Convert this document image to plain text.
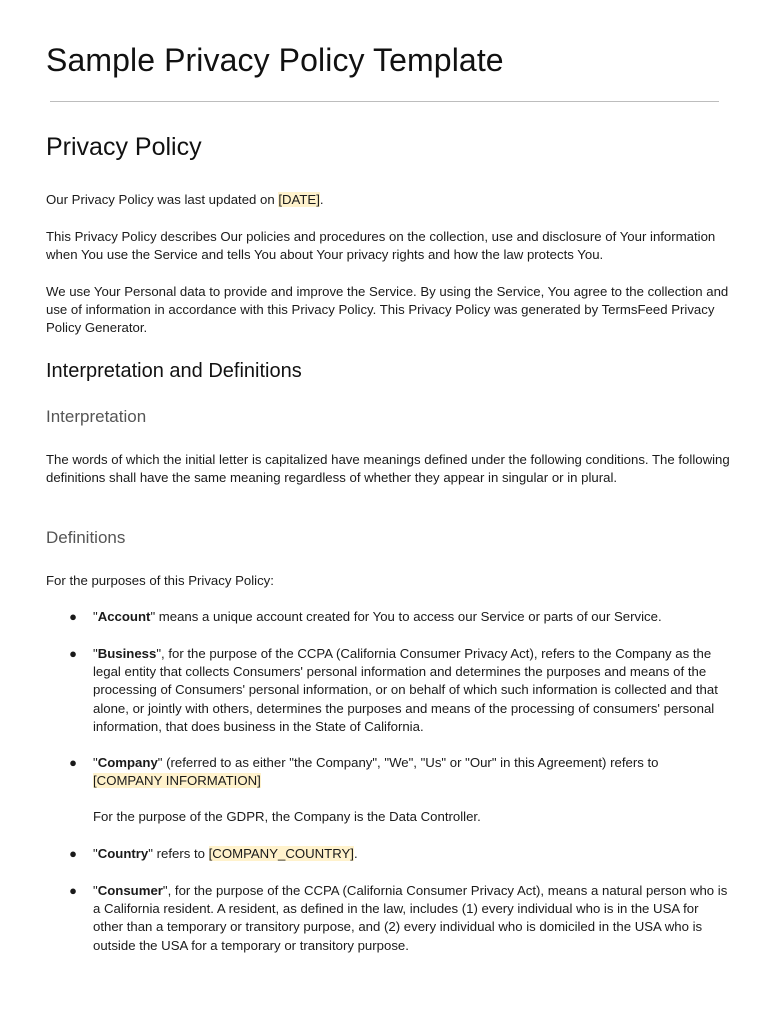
Sample Privacy Policy Template
Privacy Policy

Our Privacy Policy was last updated on [DATE].

This Privacy Policy describes Our policies and procedures on the collection, use and disclosure of Your information when You use the Service and tells You about Your privacy rights and how the law protects You.

We use Your Personal data to provide and improve the Service. By using the Service, You agree to the collection and use of information in accordance with this Privacy Policy. This Privacy Policy was generated by TermsFeed Privacy Policy Generator.

Interpretation and Definitions
Interpretation

The words of which the initial letter is capitalized have meanings defined under the following conditions. The following definitions shall have the same meaning regardless of whether they appear in singular or in plural.

Definitions

For the purposes of this Privacy Policy:

● "Account" means a unique account created for You to access our Service or parts of our Service.
● "Business", for the purpose of the CCPA (California Consumer Privacy Act), refers to the Company as the legal entity that collects Consumers' personal information and determines the purposes and means of the processing of Consumers' personal information, or on behalf of which such information is collected and that alone, or jointly with others, determines the purposes and means of the processing of consumers' personal information, that does business in the State of California.
● "Company" (referred to as either "the Company", "We", "Us" or "Our" in this Agreement) refers to [COMPANY INFORMATION]
For the purpose of the GDPR, the Company is the Data Controller.
● "Country" refers to [COMPANY_COUNTRY].
● "Consumer", for the purpose of the CCPA (California Consumer Privacy Act), means a natural person who is a California resident. A resident, as defined in the law, includes (1) every individual who is in the USA for other than a temporary or transitory purpose, and (2) every individual who is domiciled in the USA who is outside the USA for a temporary or transitory purpose.
